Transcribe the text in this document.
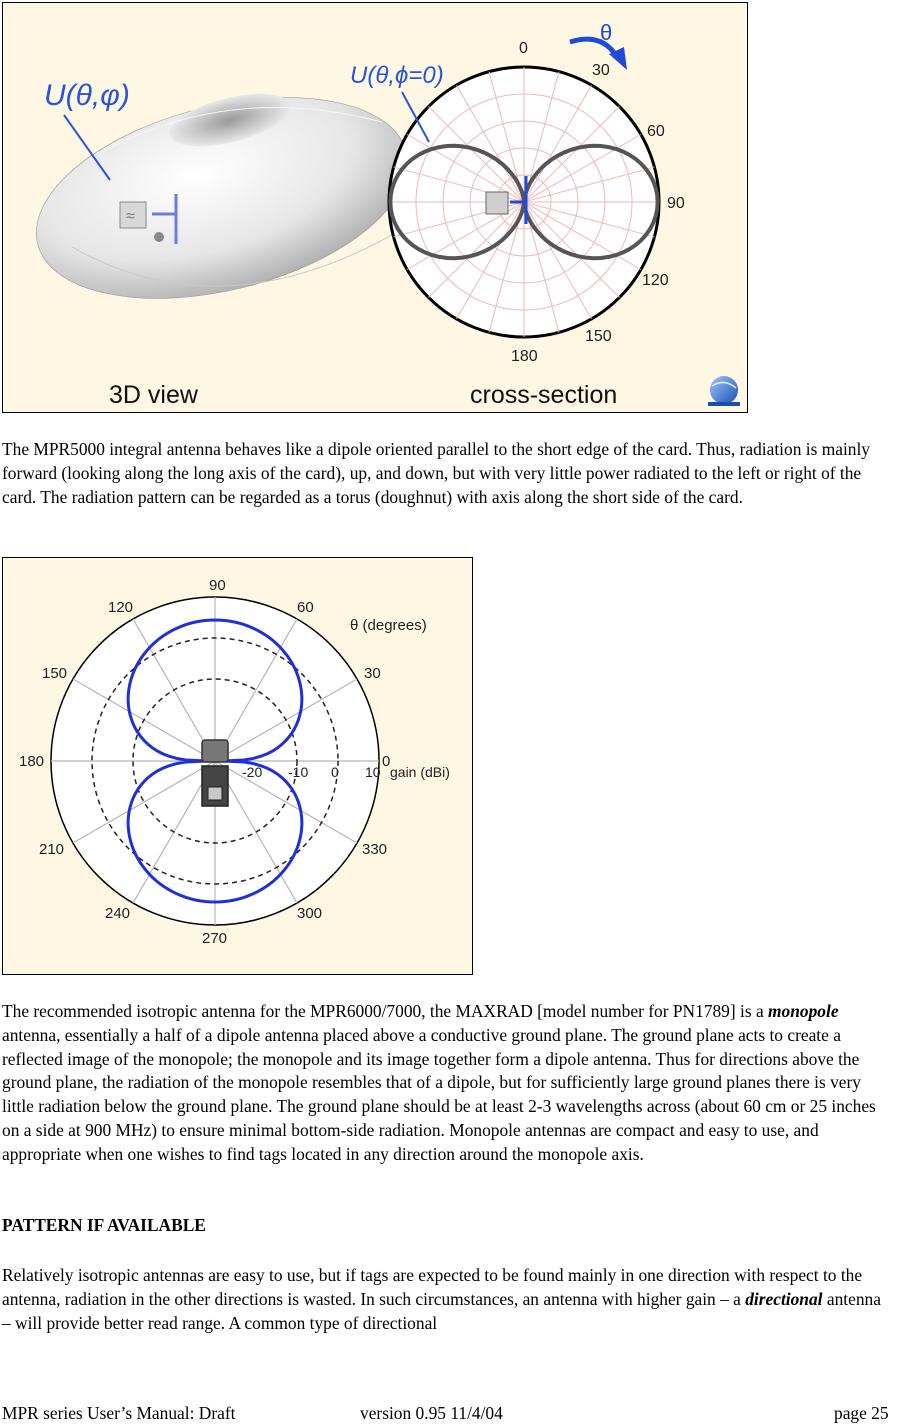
≈
U(θ,φ)
U(θ,ϕ=0)
θ
0
30
60
90
120
150
180
3D view	cross-section

The MPR5000 integral antenna behaves like a dipole oriented parallel to the short edge of the card. Thus, radiation is mainly forward (looking along the long axis of the card), up, and down, but with very little power radiated to the left or right of the card. The radiation pattern can be regarded as a torus (doughnut) with axis along the short side of the card.

90
60
30
0
330
300
270
240
210
180
150
120
θ (degrees)
-20 -10 0 10 gain (dBi)

The recommended isotropic antenna for the MPR6000/7000, the MAXRAD [model number for PN1789] is a monopole antenna, essentially a half of a dipole antenna placed above a conductive ground plane. The ground plane acts to create a reflected image of the monopole; the monopole and its image together form a dipole antenna. Thus for directions above the ground plane, the radiation of the monopole resembles that of a dipole, but for sufficiently large ground planes there is very little radiation below the ground plane. The ground plane should be at least 2-3 wavelengths across (about 60 cm or 25 inches on a side at 900 MHz) to ensure minimal bottom-side radiation. Monopole antennas are compact and easy to use, and appropriate when one wishes to find tags located in any direction around the monopole axis.

PATTERN IF AVAILABLE

Relatively isotropic antennas are easy to use, but if tags are expected to be found mainly in one direction with respect to the antenna, radiation in the other directions is wasted. In such circumstances, an antenna with higher gain – a directional antenna – will provide better read range. A common type of directional

MPR series User’s Manual: Draft	version 0.95 11/4/04	page 25
